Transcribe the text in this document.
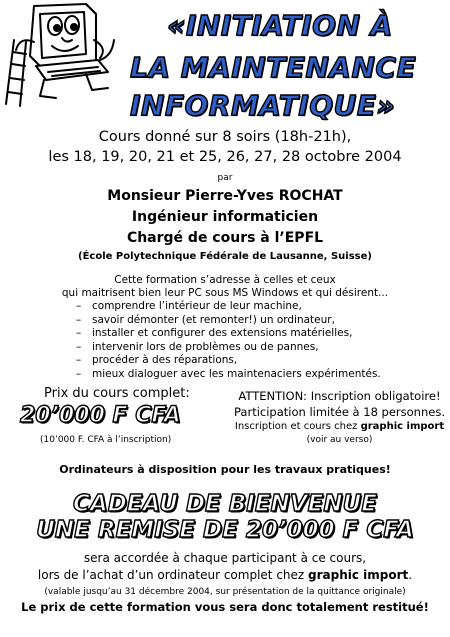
«INITIATION À
LA MAINTENANCE
INFORMATIQUE»
Cours donné sur 8 soirs (18h-21h),
les 18, 19, 20, 21 et 25, 26, 27, 28 octobre 2004
par
Monsieur Pierre-Yves ROCHAT
Ingénieur informaticien
Chargé de cours à l’EPFL
(École Polytechnique Fédérale de Lausanne, Suisse)
Cette formation s’adresse à celles et ceux
qui maitrisent bien leur PC sous MS Windows et qui désirent...
– comprendre l’intérieur de leur machine,
– savoir démonter (et remonter!) un ordinateur,
– installer et configurer des extensions matérielles,
– intervenir lors de problèmes ou de pannes,
– procéder à des réparations,
– mieux dialoguer avec les maintenaciers expérimentés.
Prix du cours complet:
20’000 F CFA
(10’000 F. CFA à l’inscription)
ATTENTION: Inscription obligatoire!
Participation limitée à 18 personnes.
Inscription et cours chez graphic import
(voir au verso)
Ordinateurs à disposition pour les travaux pratiques!
CADEAU DE BIENVENUE
UNE REMISE DE 20’000 F CFA
sera accordée à chaque participant à ce cours,
lors de l’achat d’un ordinateur complet chez graphic import.
(valable jusqu’au 31 décembre 2004, sur présentation de la quittance originale)
Le prix de cette formation vous sera donc totalement restitué!
